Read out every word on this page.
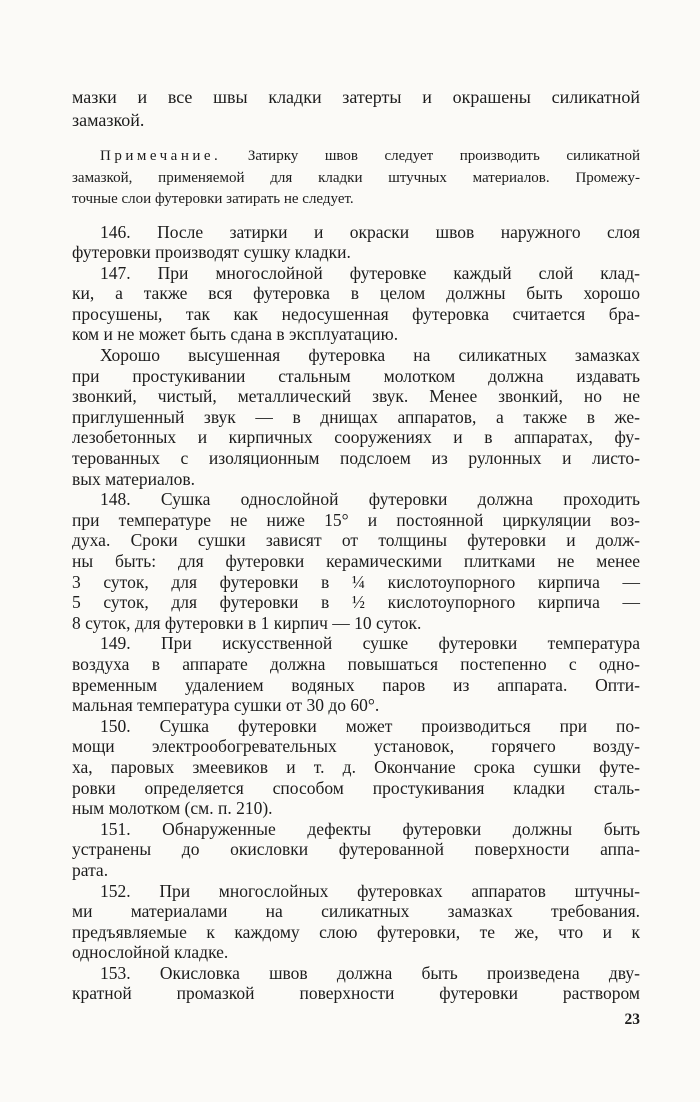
мазки и все швы кладки затерты и окрашены силикатной
замазкой.
Примечание. Затирку швов следует производить силикатной
замазкой, применяемой для кладки штучных материалов. Промежу-
точные слои футеровки затирать не следует.
146. После затирки и окраски швов наружного слоя
футеровки производят сушку кладки.
147. При многослойной футеровке каждый слой клад-
ки, а также вся футеровка в целом должны быть хорошо
просушены, так как недосушенная футеровка считается бра-
ком и не может быть сдана в эксплуатацию.
Хорошо высушенная футеровка на силикатных замазках
при простукивании стальным молотком должна издавать
звонкий, чистый, металлический звук. Менее звонкий, но не
приглушенный звук — в днищах аппаратов, а также в же-
лезобетонных и кирпичных сооружениях и в аппаратах, фу-
терованных с изоляционным подслоем из рулонных и листо-
вых материалов.
148. Сушка однослойной футеровки должна проходить
при температуре не ниже 15° и постоянной циркуляции воз-
духа. Сроки сушки зависят от толщины футеровки и долж-
ны быть: для футеровки керамическими плитками не менее
3 суток, для футеровки в ¼ кислотоупорного кирпича —
5 суток, для футеровки в ½ кислотоупорного кирпича —
8 суток, для футеровки в 1 кирпич — 10 суток.
149. При искусственной сушке футеровки температура
воздуха в аппарате должна повышаться постепенно с одно-
временным удалением водяных паров из аппарата. Опти-
мальная температура сушки от 30 до 60°.
150. Сушка футеровки может производиться при по-
мощи электрообогревательных установок, горячего возду-
ха, паровых змеевиков и т. д. Окончание срока сушки футе-
ровки определяется способом простукивания кладки сталь-
ным молотком (см. п. 210).
151. Обнаруженные дефекты футеровки должны быть
устранены до окисловки футерованной поверхности аппа-
рата.
152. При многослойных футеровках аппаратов штучны-
ми материалами на силикатных замазках требования.
предъявляемые к каждому слою футеровки, те же, что и к
однослойной кладке.
153. Окисловка швов должна быть произведена дву-
кратной промазкой поверхности футеровки раствором
23
